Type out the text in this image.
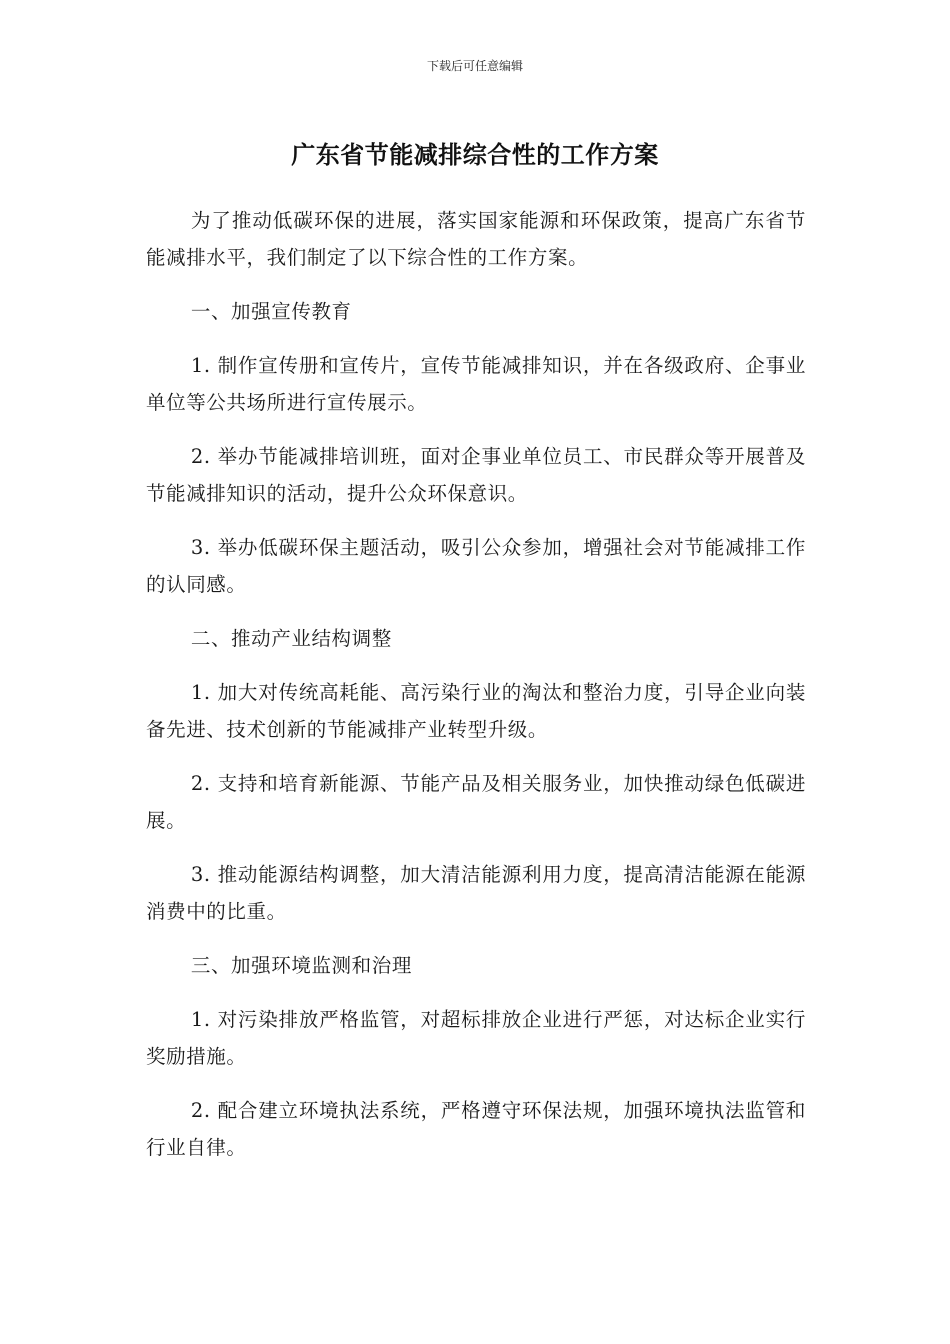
下载后可任意编辑
广东省节能减排综合性的工作方案

为了推动低碳环保的进展，落实国家能源和环保政策，提高广东省节能减排水平，我们制定了以下综合性的工作方案。

一、加强宣传教育

1. 制作宣传册和宣传片，宣传节能减排知识，并在各级政府、企事业单位等公共场所进行宣传展示。

2. 举办节能减排培训班，面对企事业单位员工、市民群众等开展普及节能减排知识的活动，提升公众环保意识。

3. 举办低碳环保主题活动，吸引公众参加，增强社会对节能减排工作的认同感。

二、推动产业结构调整

1. 加大对传统高耗能、高污染行业的淘汰和整治力度，引导企业向装备先进、技术创新的节能减排产业转型升级。

2. 支持和培育新能源、节能产品及相关服务业，加快推动绿色低碳进展。

3. 推动能源结构调整，加大清洁能源利用力度，提高清洁能源在能源消费中的比重。

三、加强环境监测和治理

1. 对污染排放严格监管，对超标排放企业进行严惩，对达标企业实行奖励措施。

2. 配合建立环境执法系统，严格遵守环保法规，加强环境执法监管和行业自律。
